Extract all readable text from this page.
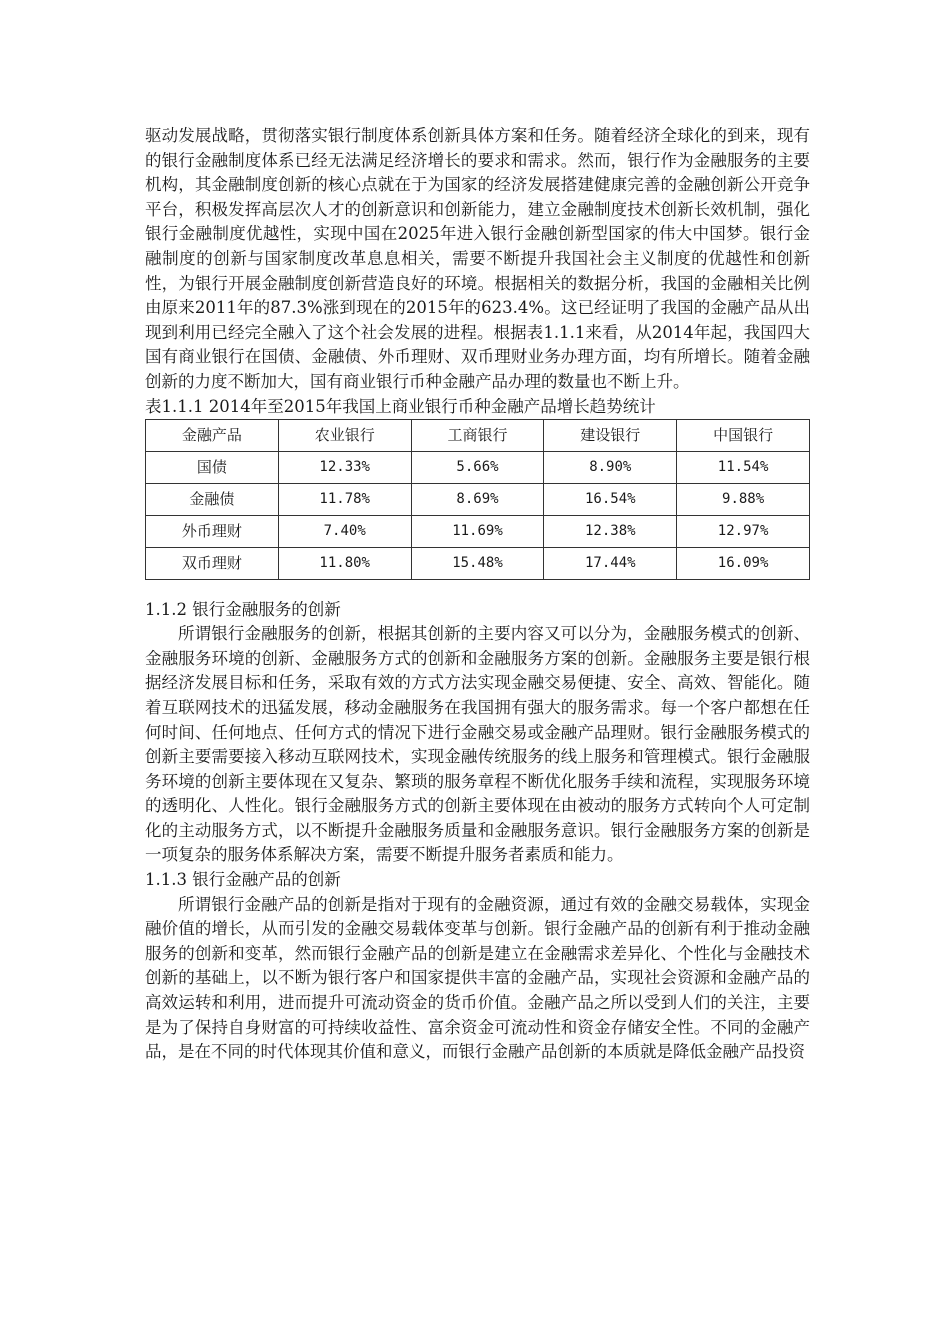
驱动发展战略，贯彻落实银行制度体系创新具体方案和任务。随着经济全球化的到来，现有的银行金融制度体系已经无法满足经济增长的要求和需求。然而，银行作为金融服务的主要机构，其金融制度创新的核心点就在于为国家的经济发展搭建健康完善的金融创新公开竞争平台，积极发挥高层次人才的创新意识和创新能力，建立金融制度技术创新长效机制，强化银行金融制度优越性，实现中国在2025年进入银行金融创新型国家的伟大中国梦。银行金融制度的创新与国家制度改革息息相关，需要不断提升我国社会主义制度的优越性和创新性，为银行开展金融制度创新营造良好的环境。根据相关的数据分析，我国的金融相关比例由原来2011年的87.3%涨到现在的2015年的623.4%。这已经证明了我国的金融产品从出现到利用已经完全融入了这个社会发展的进程。根据表1.1.1来看，从2014年起，我国四大国有商业银行在国债、金融债、外币理财、双币理财业务办理方面，均有所增长。随着金融创新的力度不断加大，国有商业银行币种金融产品办理的数量也不断上升。

表1.1.1 2014年至2015年我国上商业银行币种金融产品增长趋势统计

金融产品	农业银行	工商银行	建设银行	中国银行
国债	12.33%	5.66%	8.90%	11.54%
金融债	11.78%	8.69%	16.54%	9.88%
外币理财	7.40%	11.69%	12.38%	12.97%
双币理财	11.80%	15.48%	17.44%	16.09%
1.1.2 银行金融服务的创新

所谓银行金融服务的创新，根据其创新的主要内容又可以分为，金融服务模式的创新、金融服务环境的创新、金融服务方式的创新和金融服务方案的创新。金融服务主要是银行根据经济发展目标和任务，采取有效的方式方法实现金融交易便捷、安全、高效、智能化。随着互联网技术的迅猛发展，移动金融服务在我国拥有强大的服务需求。每一个客户都想在任何时间、任何地点、任何方式的情况下进行金融交易或金融产品理财。银行金融服务模式的创新主要需要接入移动互联网技术，实现金融传统服务的线上服务和管理模式。银行金融服务环境的创新主要体现在又复杂、繁琐的服务章程不断优化服务手续和流程，实现服务环境的透明化、人性化。银行金融服务方式的创新主要体现在由被动的服务方式转向个人可定制化的主动服务方式，以不断提升金融服务质量和金融服务意识。银行金融服务方案的创新是一项复杂的服务体系解决方案，需要不断提升服务者素质和能力。

1.1.3 银行金融产品的创新

所谓银行金融产品的创新是指对于现有的金融资源，通过有效的金融交易载体，实现金融价值的增长，从而引发的金融交易载体变革与创新。银行金融产品的创新有利于推动金融服务的创新和变革，然而银行金融产品的创新是建立在金融需求差异化、个性化与金融技术创新的基础上，以不断为银行客户和国家提供丰富的金融产品，实现社会资源和金融产品的高效运转和利用，进而提升可流动资金的货币价值。金融产品之所以受到人们的关注，主要是为了保持自身财富的可持续收益性、富余资金可流动性和资金存储安全性。不同的金融产品，是在不同的时代体现其价值和意义，而银行金融产品创新的本质就是降低金融产品投资
